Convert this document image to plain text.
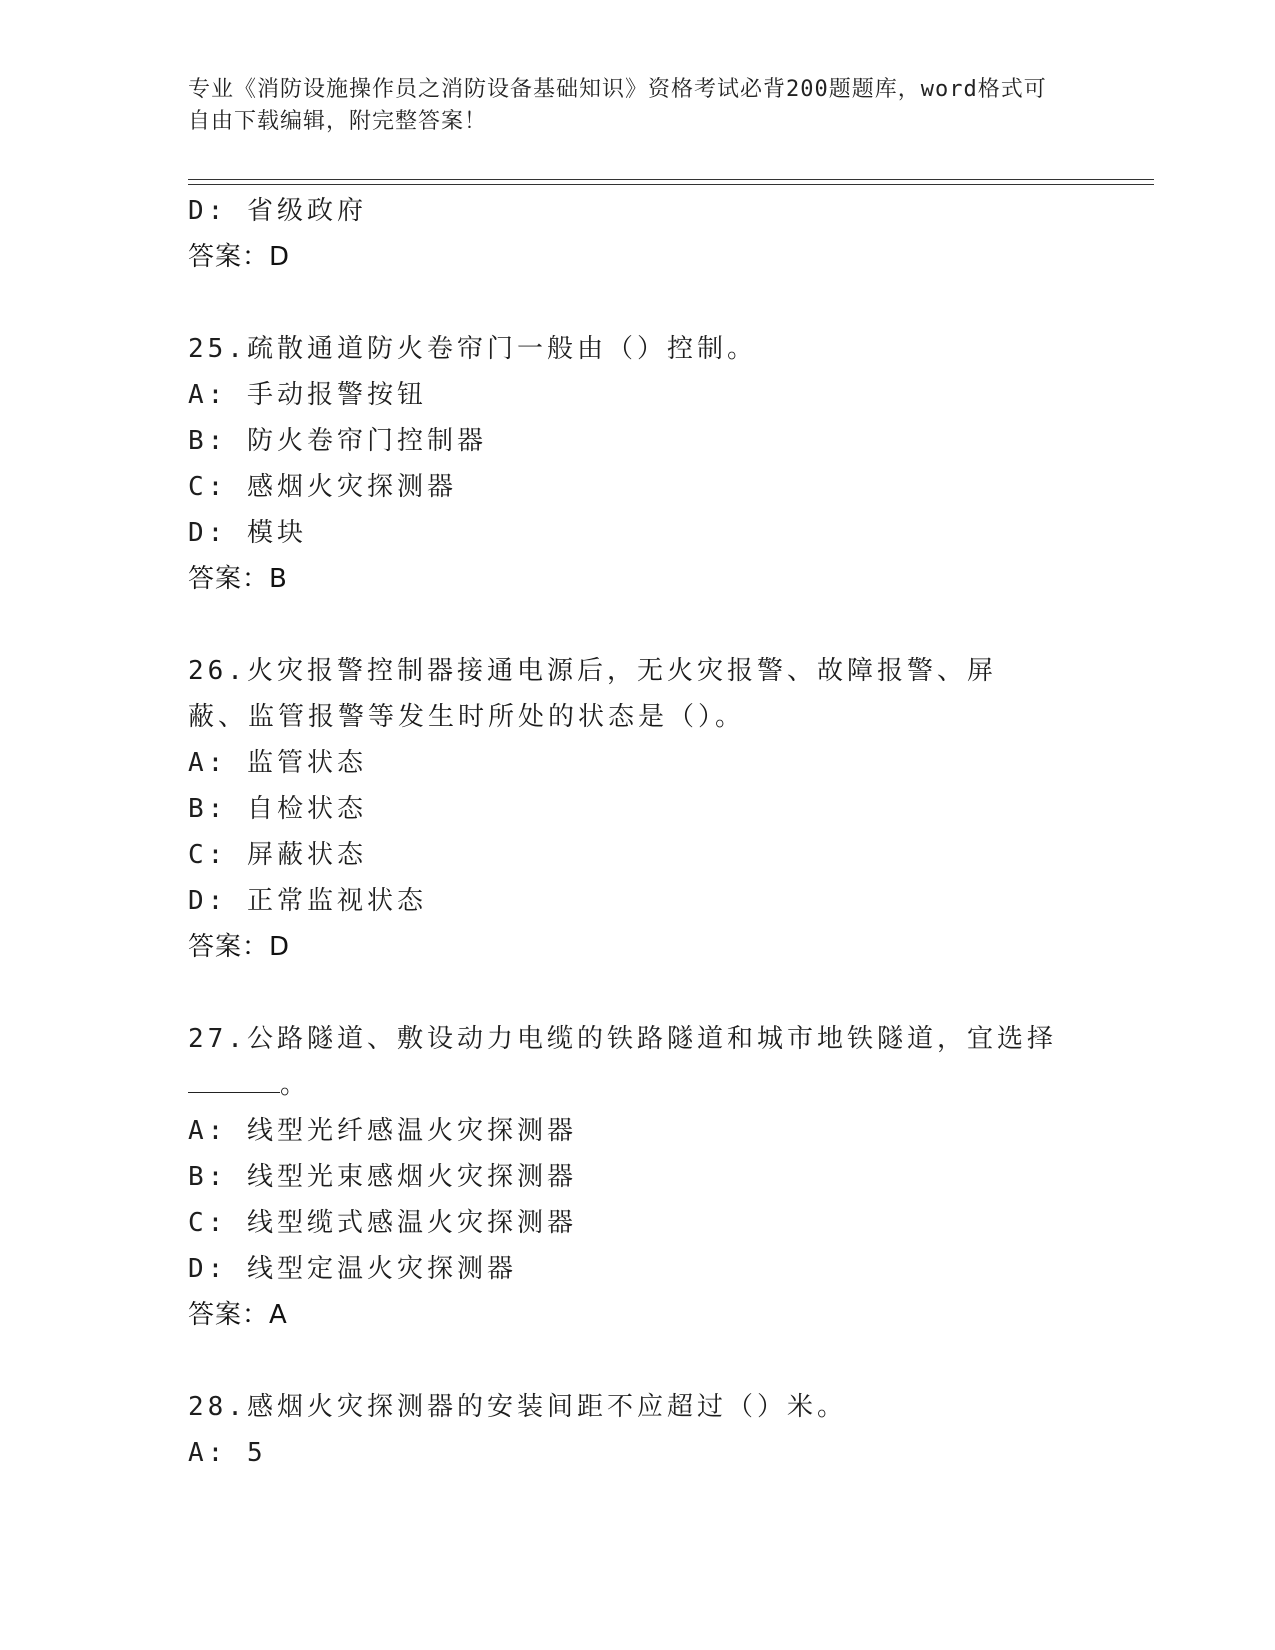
专业《消防设施操作员之消防设备基础知识》资格考试必背200题题库，word格式可自由下载编辑，附完整答案！
D: 省级政府
答案：D
25.疏散通道防火卷帘门一般由（）控制。
A: 手动报警按钮
B: 防火卷帘门控制器
C: 感烟火灾探测器
D: 模块
答案：B
26.火灾报警控制器接通电源后，无火灾报警、故障报警、屏蔽、监管报警等发生时所处的状态是（）。
A: 监管状态
B: 自检状态
C: 屏蔽状态
D: 正常监视状态
答案：D
27.公路隧道、敷设动力电缆的铁路隧道和城市地铁隧道，宜选择
。
A: 线型光纤感温火灾探测器
B: 线型光束感烟火灾探测器
C: 线型缆式感温火灾探测器
D: 线型定温火灾探测器
答案：A
28.感烟火灾探测器的安装间距不应超过（）米。
A: 5
